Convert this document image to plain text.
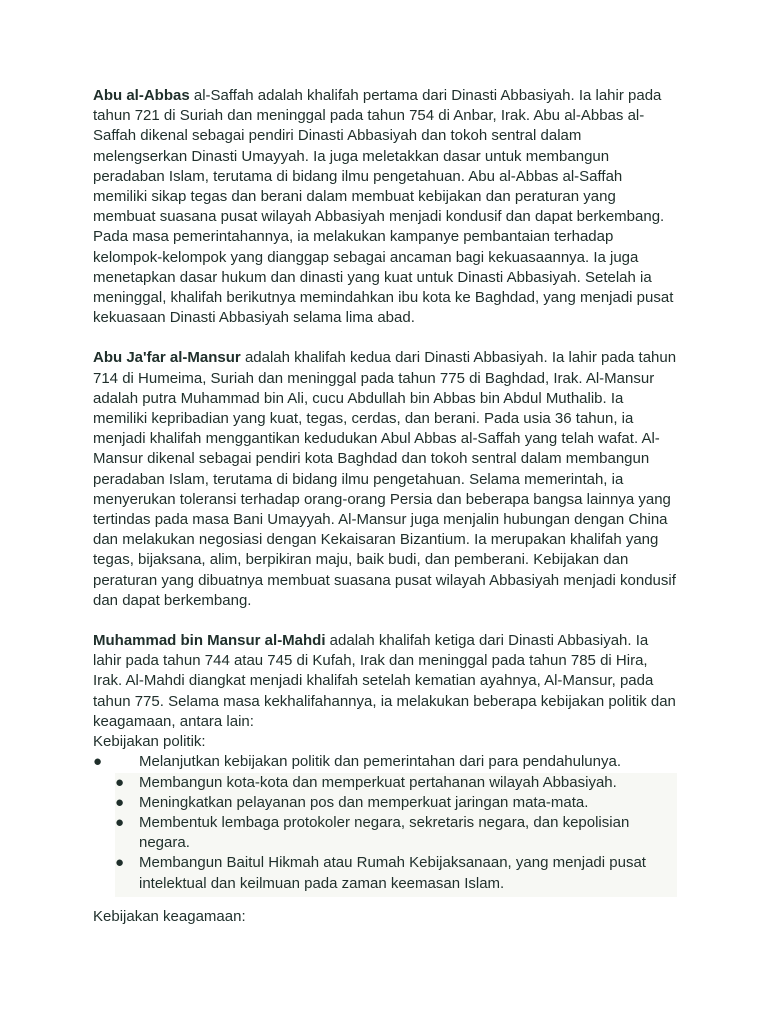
Abu al-Abbas al-Saffah adalah khalifah pertama dari Dinasti Abbasiyah. Ia lahir pada tahun 721 di Suriah dan meninggal pada tahun 754 di Anbar, Irak. Abu al-Abbas al-Saffah dikenal sebagai pendiri Dinasti Abbasiyah dan tokoh sentral dalam melengserkan Dinasti Umayyah. Ia juga meletakkan dasar untuk membangun peradaban Islam, terutama di bidang ilmu pengetahuan. Abu al-Abbas al-Saffah memiliki sikap tegas dan berani dalam membuat kebijakan dan peraturan yang membuat suasana pusat wilayah Abbasiyah menjadi kondusif dan dapat berkembang. Pada masa pemerintahannya, ia melakukan kampanye pembantaian terhadap kelompok-kelompok yang dianggap sebagai ancaman bagi kekuasaannya. Ia juga menetapkan dasar hukum dan dinasti yang kuat untuk Dinasti Abbasiyah. Setelah ia meninggal, khalifah berikutnya memindahkan ibu kota ke Baghdad, yang menjadi pusat kekuasaan Dinasti Abbasiyah selama lima abad.

Abu Ja'far al-Mansur adalah khalifah kedua dari Dinasti Abbasiyah. Ia lahir pada tahun 714 di Humeima, Suriah dan meninggal pada tahun 775 di Baghdad, Irak. Al-Mansur adalah putra Muhammad bin Ali, cucu Abdullah bin Abbas bin Abdul Muthalib. Ia memiliki kepribadian yang kuat, tegas, cerdas, dan berani. Pada usia 36 tahun, ia menjadi khalifah menggantikan kedudukan Abul Abbas al-Saffah yang telah wafat. Al-Mansur dikenal sebagai pendiri kota Baghdad dan tokoh sentral dalam membangun peradaban Islam, terutama di bidang ilmu pengetahuan. Selama memerintah, ia menyerukan toleransi terhadap orang-orang Persia dan beberapa bangsa lainnya yang tertindas pada masa Bani Umayyah. Al-Mansur juga menjalin hubungan dengan China dan melakukan negosiasi dengan Kekaisaran Bizantium. Ia merupakan khalifah yang tegas, bijaksana, alim, berpikiran maju, baik budi, dan pemberani. Kebijakan dan peraturan yang dibuatnya membuat suasana pusat wilayah Abbasiyah menjadi kondusif dan dapat berkembang.

Muhammad bin Mansur al-Mahdi adalah khalifah ketiga dari Dinasti Abbasiyah. Ia lahir pada tahun 744 atau 745 di Kufah, Irak dan meninggal pada tahun 785 di Hira, Irak. Al-Mahdi diangkat menjadi khalifah setelah kematian ayahnya, Al-Mansur, pada tahun 775. Selama masa kekhalifahannya, ia melakukan beberapa kebijakan politik dan keagamaan, antara lain:

Kebijakan politik:

● Melanjutkan kebijakan politik dan pemerintahan dari para pendahulunya.
● Membangun kota-kota dan memperkuat pertahanan wilayah Abbasiyah.
● Meningkatkan pelayanan pos dan memperkuat jaringan mata-mata.
● Membentuk lembaga protokoler negara, sekretaris negara, dan kepolisian negara.
● Membangun Baitul Hikmah atau Rumah Kebijaksanaan, yang menjadi pusat intelektual dan keilmuan pada zaman keemasan Islam.

Kebijakan keagamaan:
